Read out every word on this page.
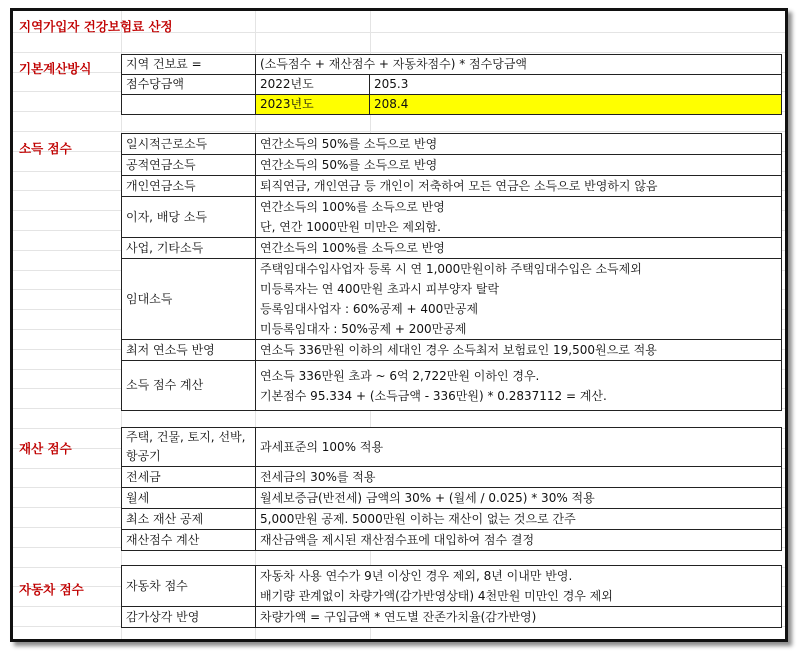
지역가입자 건강보험료 산정
기본계산방식	지역 건보료 =	(소득점수 + 재산점수 + 자동차점수) * 점수당금액	
점수당금액	2022년도	205.3
	2023년도	208.4
소득 점수	일시적근로소득	연간소득의 50%를 소득으로 반영

공적연금소득	연간소득의 50%를 소득으로 반영

개인연금소득	퇴직연금, 개인연금 등 개인이 저축하여 모든 연금은 소득으로 반영하지 않음

이자, 배당 소득	연간소득의 100%를 소득으로 반영
단, 연간 1000만원 미만은 제외함.

사업, 기타소득	연간소득의 100%를 소득으로 반영

임대소득	주택임대수입사업자 등록 시 연 1,000만원이하 주택임대수입은 소득제외
미등록자는 연 400만원 초과시 피부양자 탈락
등록임대사업자 : 60%공제 + 400만공제
미등록임대자 : 50%공제 + 200만공제

최저 연소득 반영	연소득 336만원 이하의 세대인 경우 소득최저 보험료인 19,500원으로 적용

소득 점수 계산	연소득 336만원 초과 ~ 6억 2,722만원 이하인 경우.
기본점수 95.334 + (소득금액 - 336만원) * 0.2837112 = 계산.
재산 점수
주택, 건물, 토지, 선박, 항공기	과세표준의 100% 적용

전세금	전세금의 30%를 적용

월세	월세보증금(반전세) 금액의 30% + (월세 / 0.025) * 30% 적용

최소 재산 공제	5,000만원 공제. 5000만원 이하는 재산이 없는 것으로 간주

재산점수 계산	재산금액을 제시된 재산점수표에 대입하여 점수 결정
자동차 점수	자동차 점수	자동차 사용 연수가 9년 이상인 경우 제외, 8년 이내만 반영.
배기량 관계없이 차량가액(감가반영상태) 4천만원 미만인 경우 제외

감가상각 반영	차량가액 = 구입금액 * 연도별 잔존가치율(감가반영)
